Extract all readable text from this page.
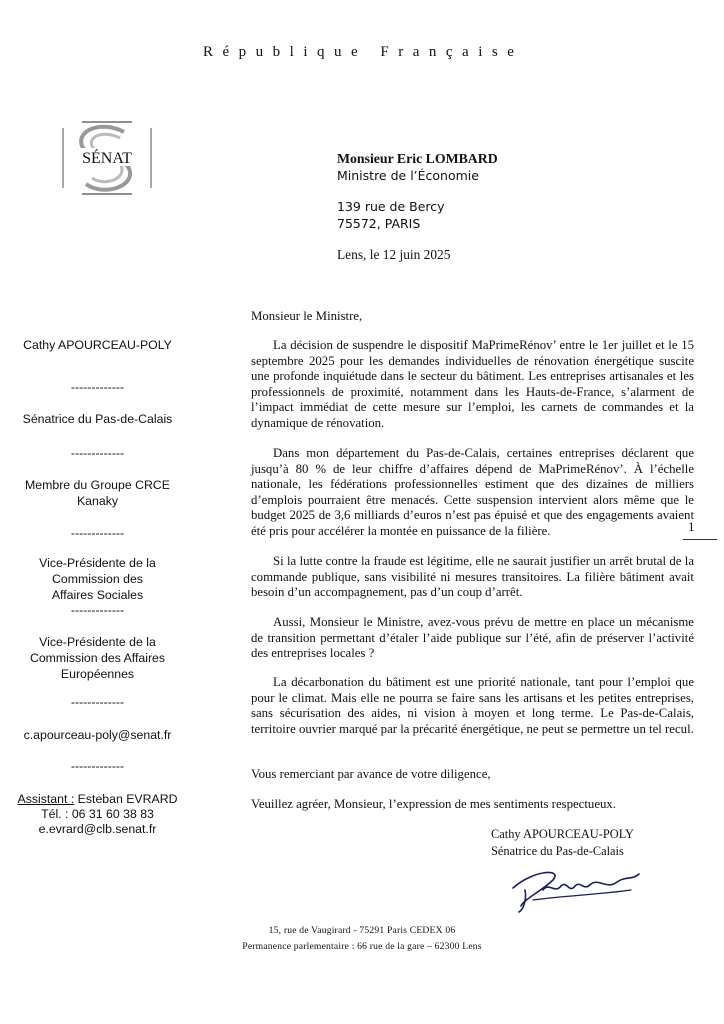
République Française
SÉNAT	Monsieur Eric LOMBARD
Ministre de l’Économie
139 rue de Bercy
75572, PARIS
Lens, le 12 juin 2025
Cathy APOURCEAU-POLY
-------------
Sénatrice du Pas-de-Calais
-------------
Membre du Groupe CRCE
Kanaky
-------------
Vice-Présidente de la
Commission des
Affaires Sociales
-------------
Vice-Présidente de la
Commission des Affaires
Européennes
-------------
c.apourceau-poly@senat.fr
-------------
Assistant : Esteban EVRARD
Tél. : 06 31 60 38 83
e.evrard@clb.senat.fr

Monsieur le Ministre,

La décision de suspendre le dispositif MaPrimeRénov’ entre le 1er juillet et le 15 septembre 2025 pour les demandes individuelles de rénovation énergétique suscite une profonde inquiétude dans le secteur du bâtiment. Les entreprises artisanales et les professionnels de proximité, notamment dans les Hauts-de-France, s’alarment de l’impact immédiat de cette mesure sur l’emploi, les carnets de commandes et la dynamique de rénovation.

Dans mon département du Pas-de-Calais, certaines entreprises déclarent que jusqu’à 80 % de leur chiffre d’affaires dépend de MaPrimeRénov’. À l’échelle nationale, les fédérations professionnelles estiment que des dizaines de milliers d’emplois pourraient être menacés. Cette suspension intervient alors même que le budget 2025 de 3,6 milliards d’euros n’est pas épuisé et que des engagements avaient été pris pour accélérer la montée en puissance de la filière.

Si la lutte contre la fraude est légitime, elle ne saurait justifier un arrêt brutal de la commande publique, sans visibilité ni mesures transitoires. La filière bâtiment avait besoin d’un accompagnement, pas d’un coup d’arrêt.

Aussi, Monsieur le Ministre, avez-vous prévu de mettre en place un mécanisme de transition permettant d’étaler l’aide publique sur l’été, afin de préserver l’activité des entreprises locales ?

La décarbonation du bâtiment est une priorité nationale, tant pour l’emploi que pour le climat. Mais elle ne pourra se faire sans les artisans et les petites entreprises, sans sécurisation des aides, ni vision à moyen et long terme. Le Pas-de-Calais, territoire ouvrier marqué par la précarité énergétique, ne peut se permettre un tel recul.

Vous remerciant par avance de votre diligence,

Veuillez agréer, Monsieur, l’expression de mes sentiments respectueux.

1
Cathy APOURCEAU-POLY
Sénatrice du Pas-de-Calais
15, rue de Vaugirard - 75291 Paris CEDEX 06
Permanence parlementaire : 66 rue de la gare – 62300 Lens
